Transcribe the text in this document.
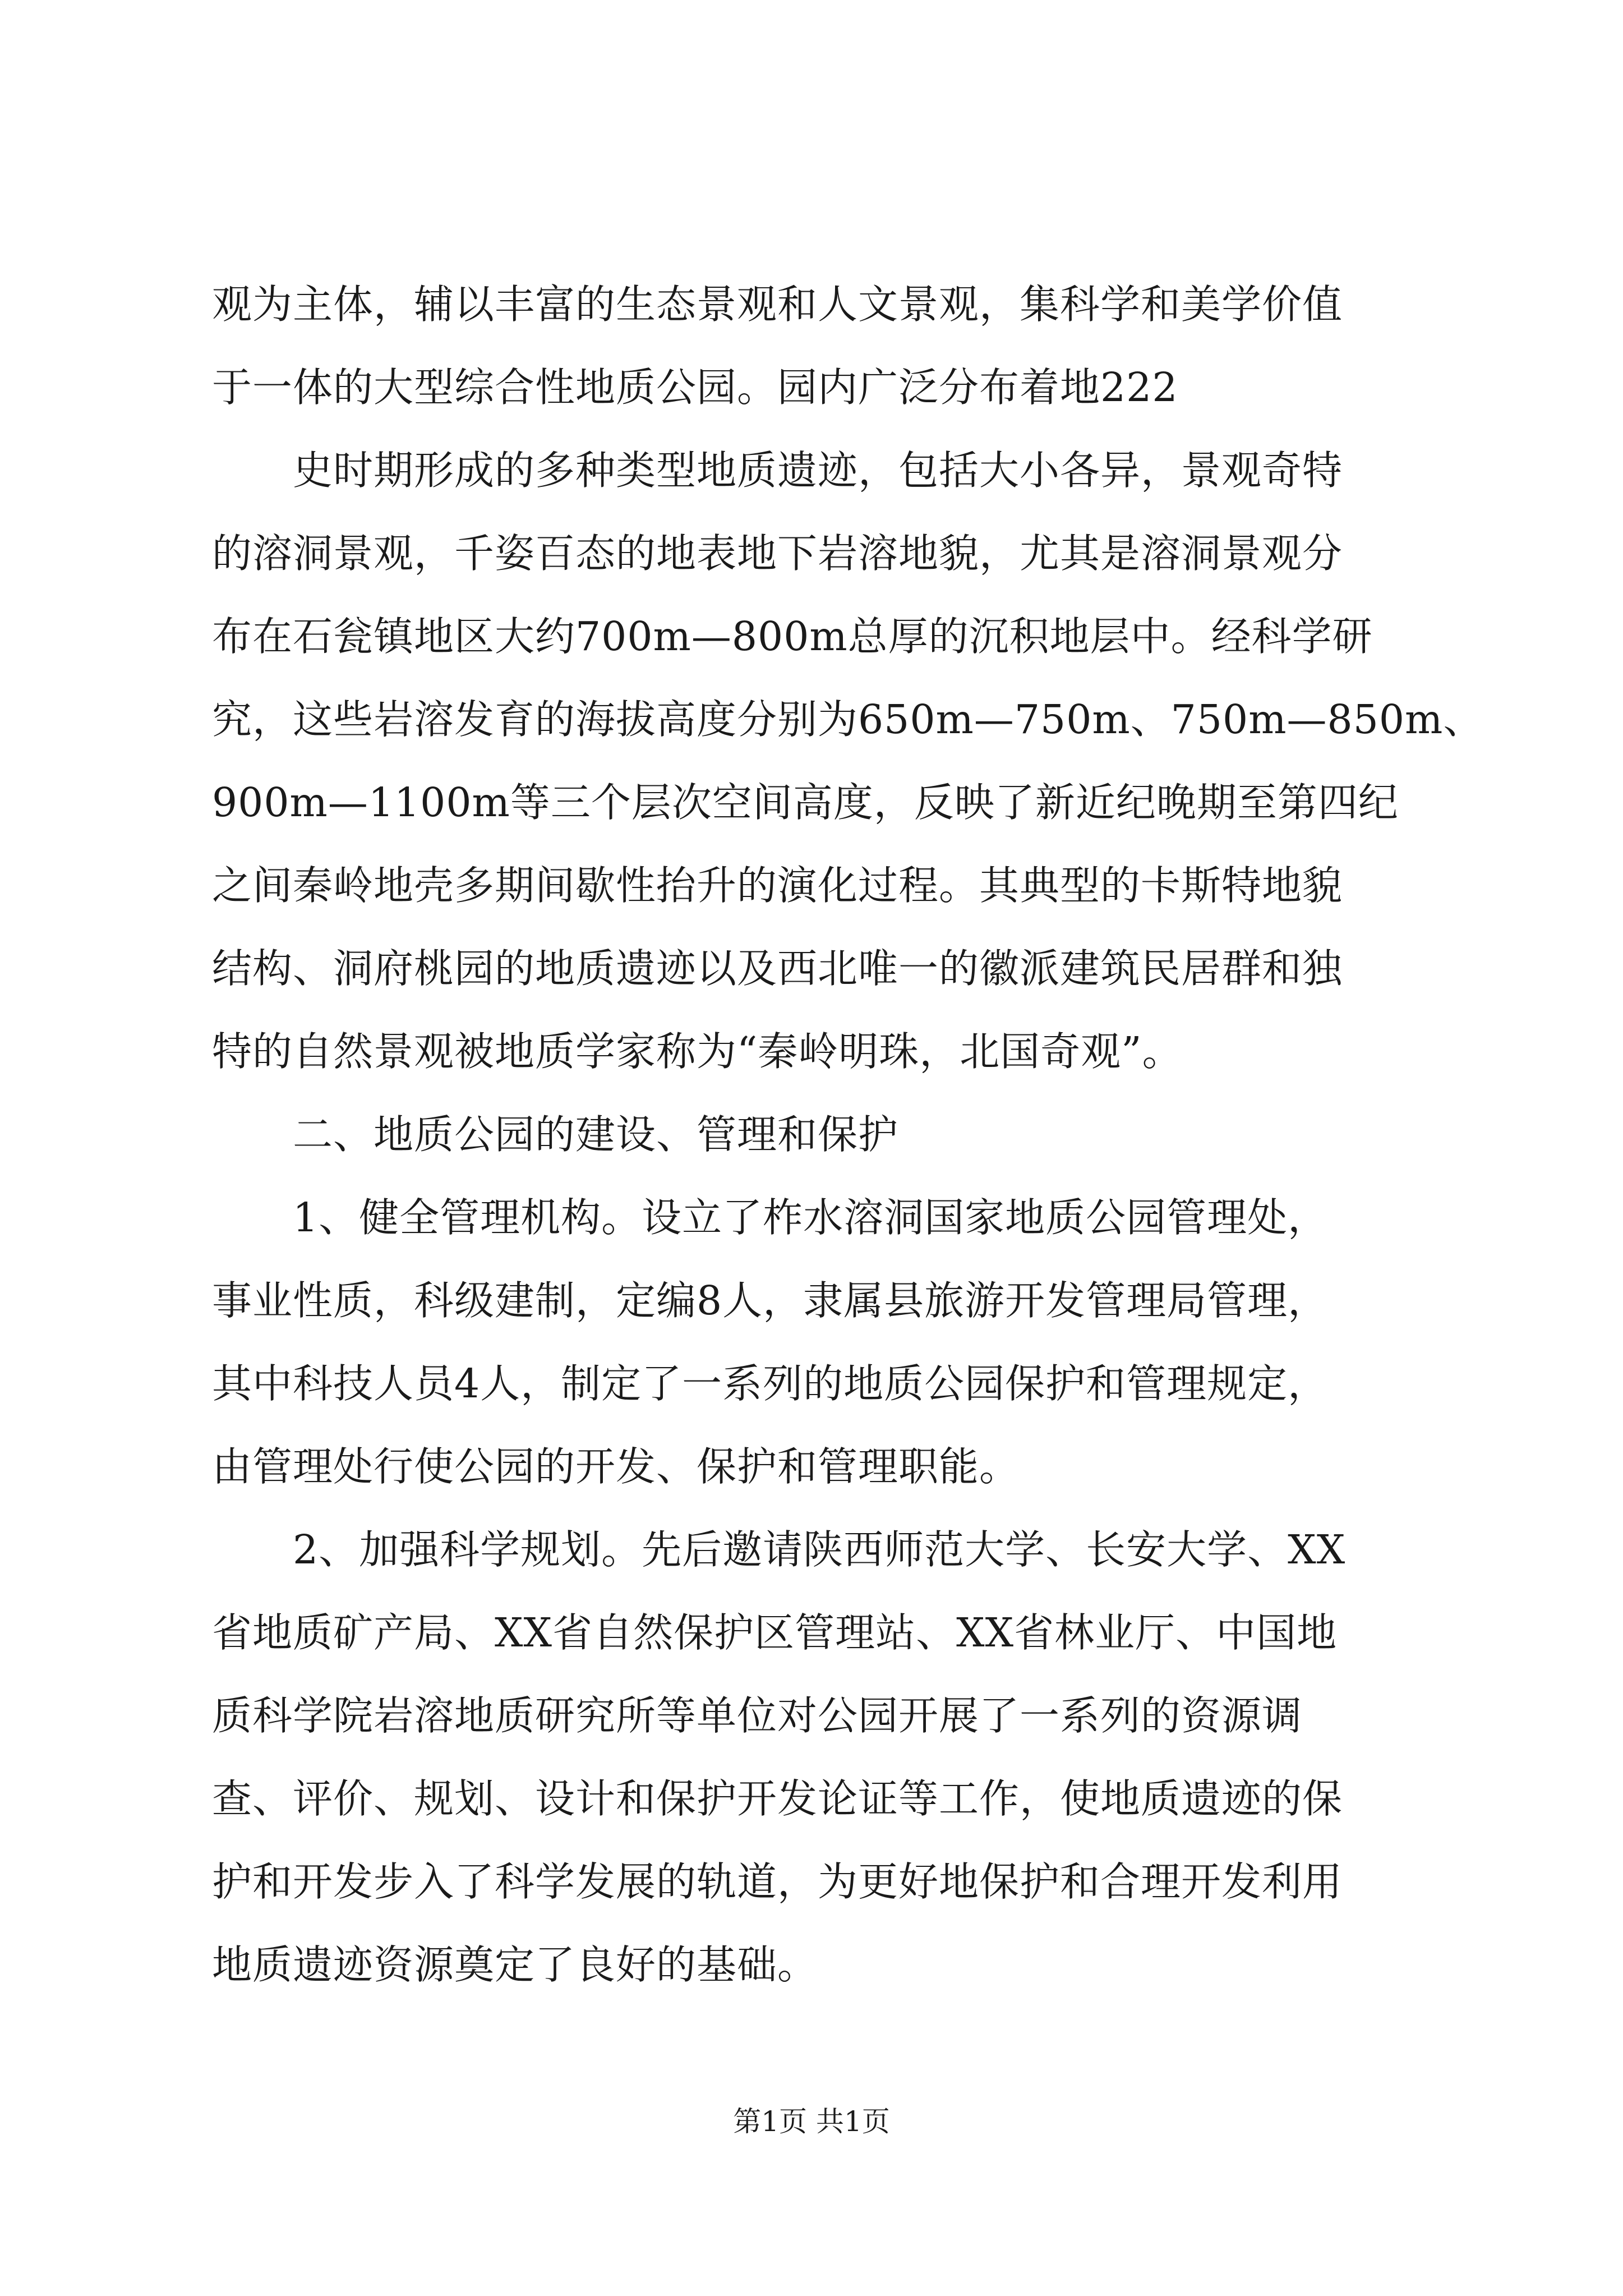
观为主体，辅以丰富的生态景观和人文景观，集科学和美学价值
于一体的大型综合性地质公园。园内广泛分布着地222
史时期形成的多种类型地质遗迹，包括大小各异，景观奇特
的溶洞景观，千姿百态的地表地下岩溶地貌，尤其是溶洞景观分
布在石瓮镇地区大约700m—800m总厚的沉积地层中。经科学研
究，这些岩溶发育的海拔高度分别为650m—750m、750m—850m、
900m—1100m等三个层次空间高度，反映了新近纪晚期至第四纪
之间秦岭地壳多期间歇性抬升的演化过程。其典型的卡斯特地貌
结构、洞府桃园的地质遗迹以及西北唯一的徽派建筑民居群和独
特的自然景观被地质学家称为“秦岭明珠，北国奇观”。
二、地质公园的建设、管理和保护
1、健全管理机构。设立了柞水溶洞国家地质公园管理处，
事业性质，科级建制，定编8人，隶属县旅游开发管理局管理，
其中科技人员4人，制定了一系列的地质公园保护和管理规定，
由管理处行使公园的开发、保护和管理职能。
2、加强科学规划。先后邀请陕西师范大学、长安大学、XX
省地质矿产局、XX省自然保护区管理站、XX省林业厅、中国地
质科学院岩溶地质研究所等单位对公园开展了一系列的资源调
查、评价、规划、设计和保护开发论证等工作，使地质遗迹的保
护和开发步入了科学发展的轨道，为更好地保护和合理开发利用
地质遗迹资源奠定了良好的基础。
第1页 共1页
